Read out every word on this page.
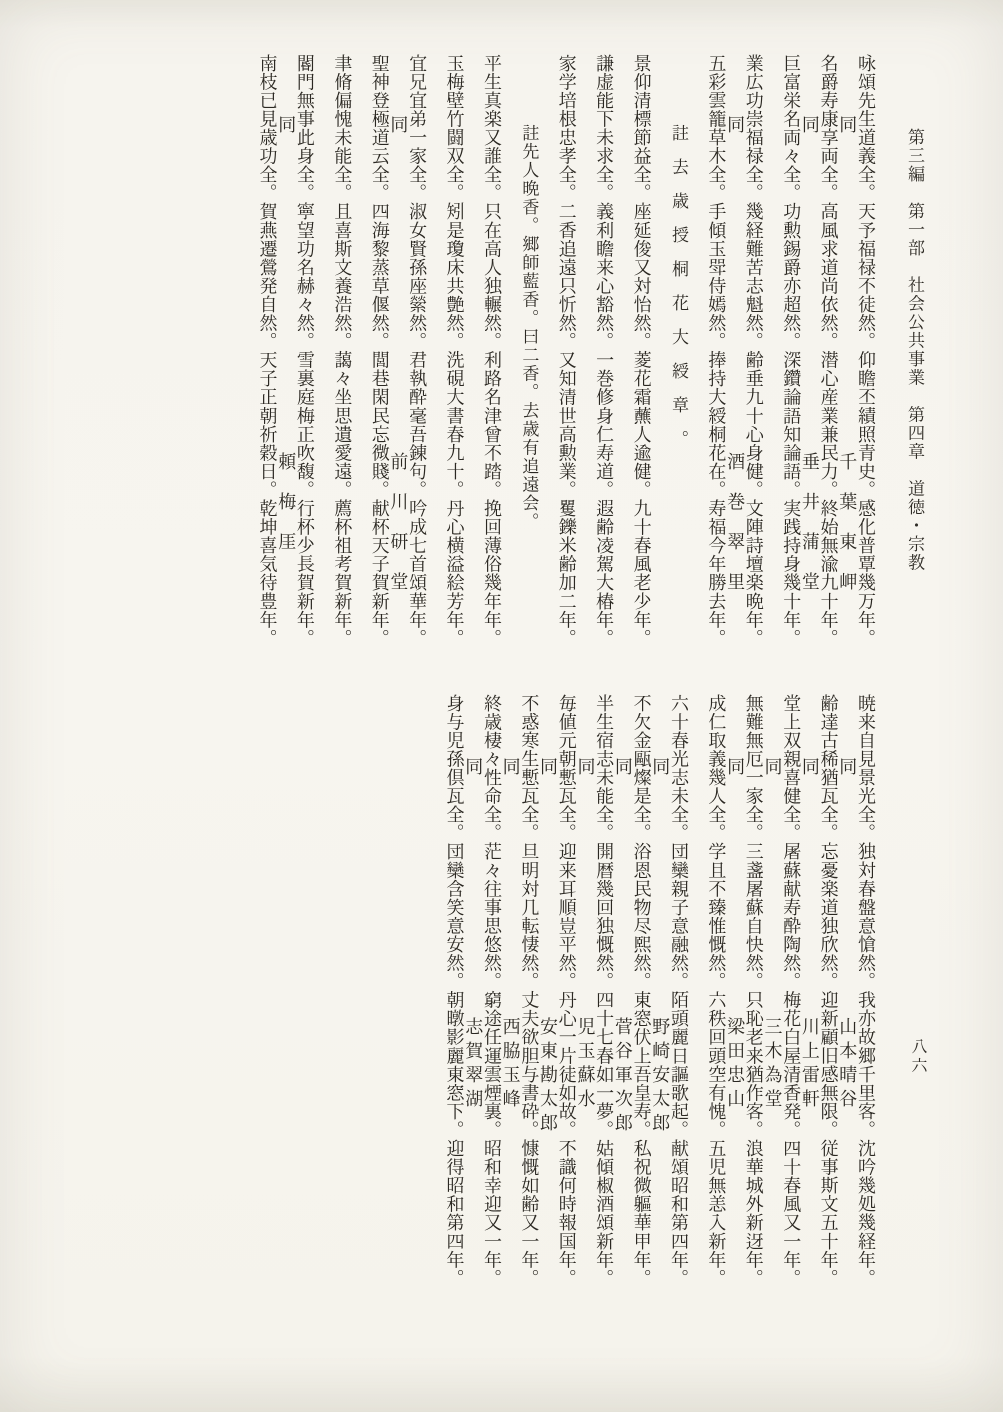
第三編　第一部　社会公共事業　第四章　道徳・宗教
咏頌先生道義全。天予福禄不徒然。仰瞻丕績照青史。感化普覃幾万年。
同
千葉東岬
名爵寿康享両全。高風求道尚依然。潜心産業兼民力。終始無渝九十年。
同
垂井蒲堂
巨富栄名両々全。功勲錫爵亦超然。深鑽論語知論語。実践持身幾十年。
業広功崇福禄全。幾経難苦志魁然。齢垂九十心身健。文陣詩壇楽晩年。
同
酒巻翠里
五彩雲籠草木全。手傾玉斝侍嫣然。捧持大綬桐花在。寿福今年勝去年。
註去歳授桐花大綬章。
景仰清標節益全。座延俊又対怡然。菱花霜蘸人逾健。九十春風老少年。
謙虚能下未求全。義利瞻来心豁然。一巻修身仁寿道。遐齢凌駕大椿年。
家学培根忠孝全。二香追遠只忻然。又知清世高勲業。矍鑠米齢加二年。
註先人晩香。郷師藍香。曰二香。去歳有追遠会。
平生真楽又誰全。只在高人独輾然。利路名津曾不踏。挽回薄俗幾年年。
玉梅壁竹闘双全。矧是瓊床共艶然。洗硯大書春九十。丹心横溢絵芳年。
宜兄宜弟一家全。淑女賢孫座縈然。君執酔毫吾錬句。吟成七首頌華年。
同
前川研堂
聖神登極道云全。四海黎蒸草偃然。閭巷閑民忘微賤。献杯天子賀新年。
聿脩偏愧未能全。且喜斯文養浩然。藹々坐思遺愛遠。薦杯祖考賀新年。
閽門無事此身全。寧望功名赫々然。雪裏庭梅正吹馥。行杯少長賀新年。
同
頼梅厓
南枝已見歳功全。賀燕遷鶯発自然。天子正朝祈穀日。乾坤喜気待豊年。
暁来自見景光全。独対春盤意愴然。我亦故郷千里客。沈吟幾処幾経年。
同
山本晴谷
齢達古稀猶瓦全。忘憂楽道独欣然。迎新顧旧感無限。従事斯文五十年。
同
川上雷軒
堂上双親喜健全。屠蘇献寿酔陶然。梅花白屋清香発。四十春風又一年。
同
三木為堂
無難無厄一家全。三盞屠蘇自快然。只恥老来猶作客。浪華城外新迓年。
同
梁田忠山
成仁取義幾人全。学且不臻惟慨然。六秩回頭空有愧。五児無恙入新年。
六十春光志未全。団欒親子意融然。陌頭麗日謳歌起。献頌昭和第四年。
同
野崎安太郎
不欠金甌燦是全。浴恩民物尽熙然。東窓伏上吾皇寿。私祝微軀華甲年。
同
菅谷軍次郎
半生宿志未能全。開暦幾回独慨然。四十七春如一夢。姑傾椒酒頌新年。
同
児玉蘇水
毎値元朝慙瓦全。迎来耳順豈平然。丹心一片徒如故。不識何時報国年。
同
安東勘太郎
不惑寒生慙瓦全。旦明対几転悽然。丈夫欲胆与書砕。慷慨如齢又一年。
同
西脇玉峰
終歳棲々性命全。茫々往事思悠然。窮途任運雲煙裏。昭和幸迎又一年。
同
志賀翠湖
身与児孫倶瓦全。団欒含笑意安然。朝暾影麗東窓下。迎得昭和第四年。	八六
